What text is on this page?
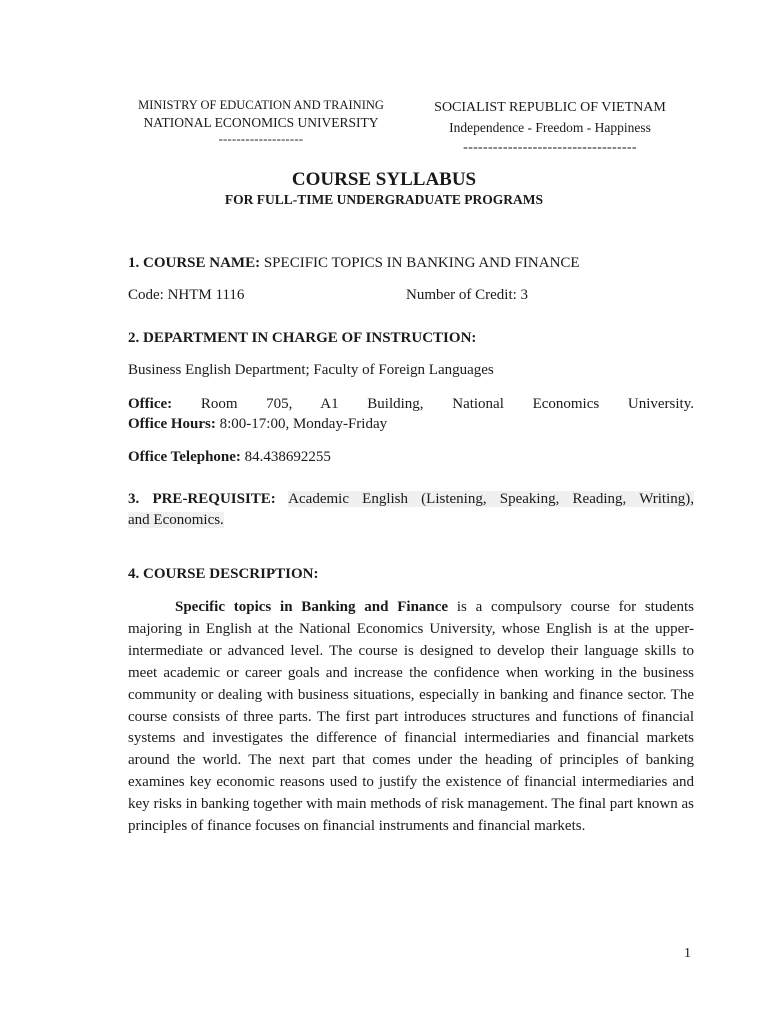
MINISTRY OF EDUCATION AND TRAINING
NATIONAL ECONOMICS UNIVERSITY
-------------------
SOCIALIST REPUBLIC OF VIETNAM
Independence - Freedom - Happiness
-----------------------------------
COURSE SYLLABUS
FOR FULL-TIME UNDERGRADUATE PROGRAMS
1. COURSE NAME: SPECIFIC TOPICS IN BANKING AND FINANCE
Code: NHTM 1116	Number of Credit: 3
2. DEPARTMENT IN CHARGE OF INSTRUCTION:
Business English Department; Faculty of Foreign Languages
Office: Room 705, A1 Building, National Economics University.
Office Hours: 8:00-17:00, Monday-Friday
Office Telephone: 84.438692255
3. PRE-REQUISITE: Academic English (Listening, Speaking, Reading, Writing),
and Economics.
4. COURSE DESCRIPTION:
Specific topics in Banking and Finance is a compulsory course for students majoring in English at the National Economics University, whose English is at the upper-intermediate or advanced level. The course is designed to develop their language skills to meet academic or career goals and increase the confidence when working in the business community or dealing with business situations, especially in banking and finance sector. The course consists of three parts. The first part introduces structures and functions of financial systems and investigates the difference of financial intermediaries and financial markets around the world. The next part that comes under the heading of principles of banking examines key economic reasons used to justify the existence of financial intermediaries and key risks in banking together with main methods of risk management. The final part known as principles of finance focuses on financial instruments and financial markets.
1
